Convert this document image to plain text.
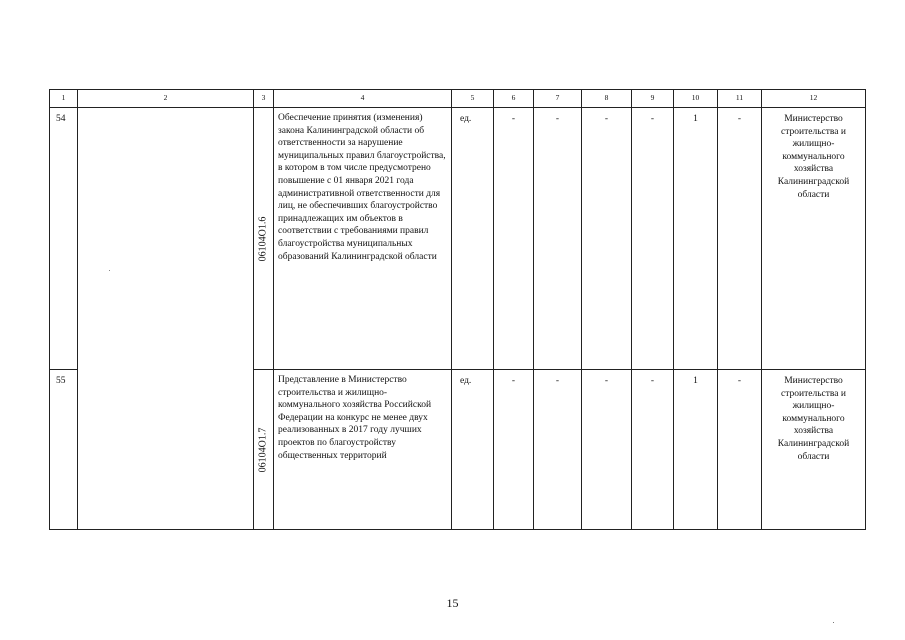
1	2	3	4	5	6	7	8	9	10	11	12
54		06104О1.6	Обеспечение принятия (изменения) закона Калининградской области об ответственности за нарушение муниципальных правил благоустройства, в котором в том числе предусмотрено повышение с 01 января 2021 года административной ответственности для лиц, не обеспечивших благоустройство принадлежащих им объектов в соответствии с требованиями правил благоустройства муниципальных образований Калининградской области	ед.	-	-	-	-	1	-	Министерство строительства и жилищно-коммунального хозяйства Калининградской области
55		06104О1.7	Представление в Министерство строительства и жилищно-коммунального хозяйства Российской Федерации на конкурс не менее двух реализованных в 2017 году лучших проектов по благоустройству общественных территорий	ед.	-	-	-	-	1	-	Министерство строительства и жилищно-коммунального хозяйства Калининградской области
15
